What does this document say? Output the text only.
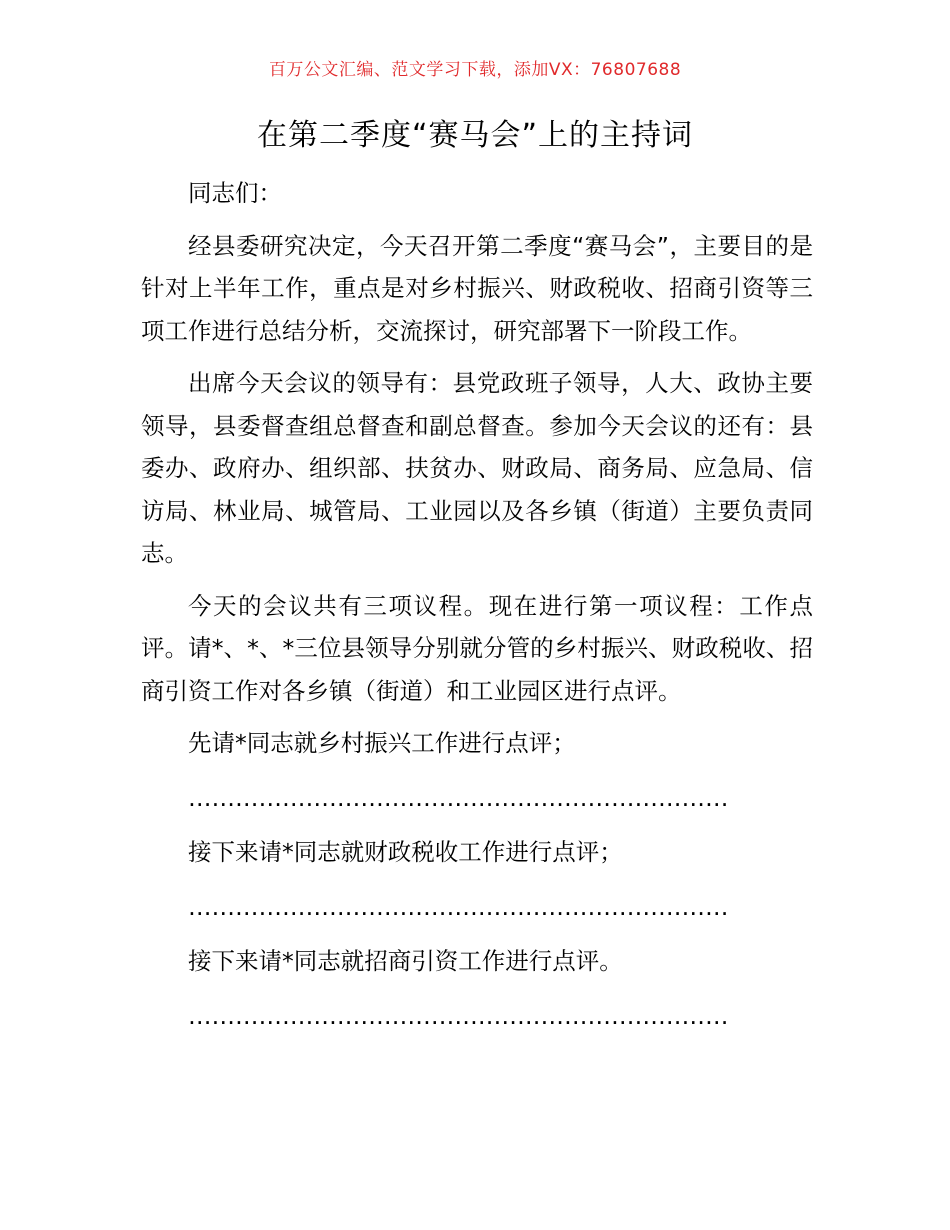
百万公文汇编、范文学习下载，添加VX：76807688
在第二季度“赛马会”上的主持词

同志们：

经县委研究决定，今天召开第二季度“赛马会”，主要目的是针对上半年工作，重点是对乡村振兴、财政税收、招商引资等三项工作进行总结分析，交流探讨，研究部署下一阶段工作。

出席今天会议的领导有：县党政班子领导，人大、政协主要领导，县委督查组总督查和副总督查。参加今天会议的还有：县委办、政府办、组织部、扶贫办、财政局、商务局、应急局、信访局、林业局、城管局、工业园以及各乡镇（街道）主要负责同志。

今天的会议共有三项议程。现在进行第一项议程：工作点评。请*、*、*三位县领导分别就分管的乡村振兴、财政税收、招商引资工作对各乡镇（街道）和工业园区进行点评。

先请*同志就乡村振兴工作进行点评；

……………………………………………………………

接下来请*同志就财政税收工作进行点评；

……………………………………………………………

接下来请*同志就招商引资工作进行点评。

……………………………………………………………
